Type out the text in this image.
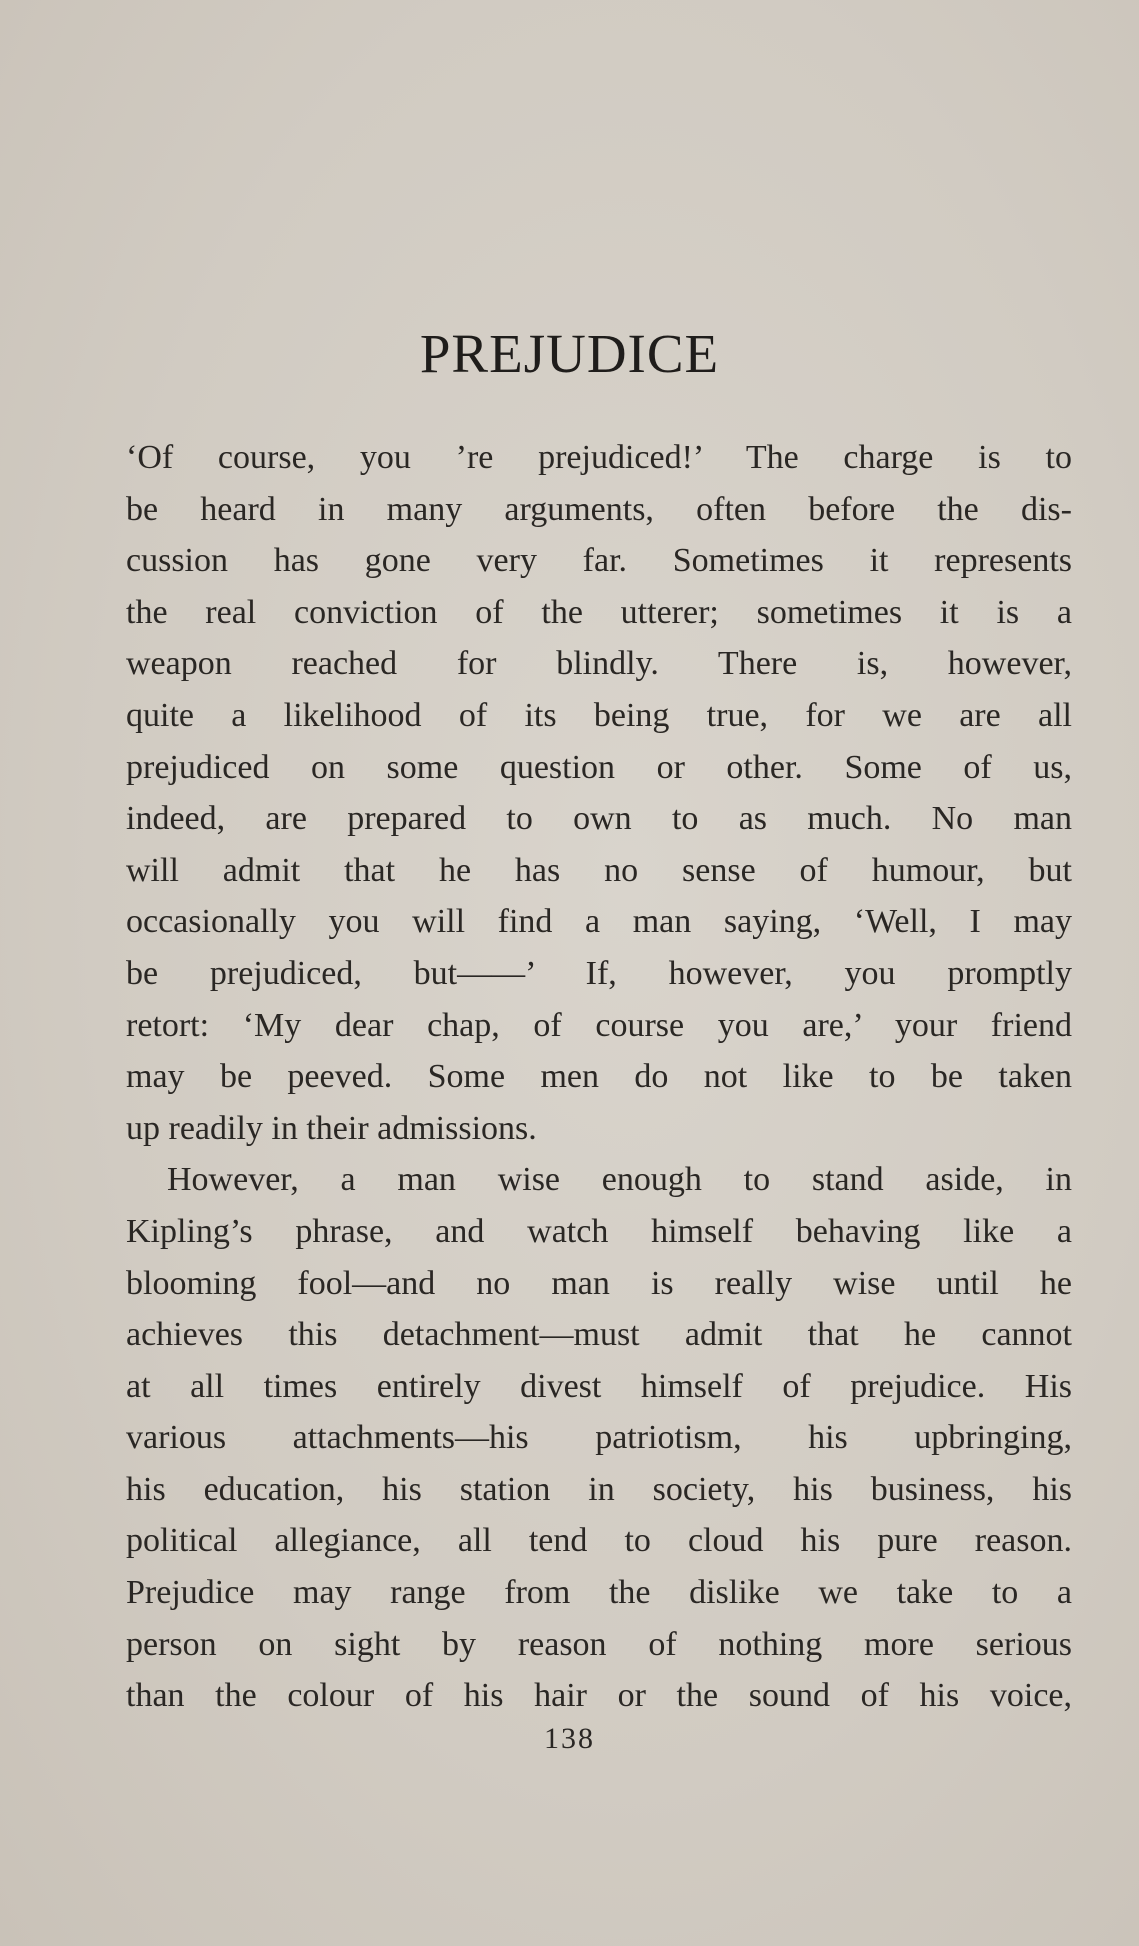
PREJUDICE
‘Of course, you ’re prejudiced!’ The charge is to
be heard in many arguments, often before the dis-
cussion has gone very far. Sometimes it represents
the real conviction of the utterer; sometimes it is a
weapon reached for blindly. There is, however,
quite a likelihood of its being true, for we are all
prejudiced on some question or other. Some of us,
indeed, are prepared to own to as much. No man
will admit that he has no sense of humour, but
occasionally you will find a man saying, ‘Well, I may
be prejudiced, but——’ If, however, you promptly
retort: ‘My dear chap, of course you are,’ your friend
may be peeved. Some men do not like to be taken
up readily in their admissions.
However, a man wise enough to stand aside, in
Kipling’s phrase, and watch himself behaving like a
blooming fool—and no man is really wise until he
achieves this detachment—must admit that he cannot
at all times entirely divest himself of prejudice. His
various attachments—his patriotism, his upbringing,
his education, his station in society, his business, his
political allegiance, all tend to cloud his pure reason.
Prejudice may range from the dislike we take to a
person on sight by reason of nothing more serious
than the colour of his hair or the sound of his voice,
138
